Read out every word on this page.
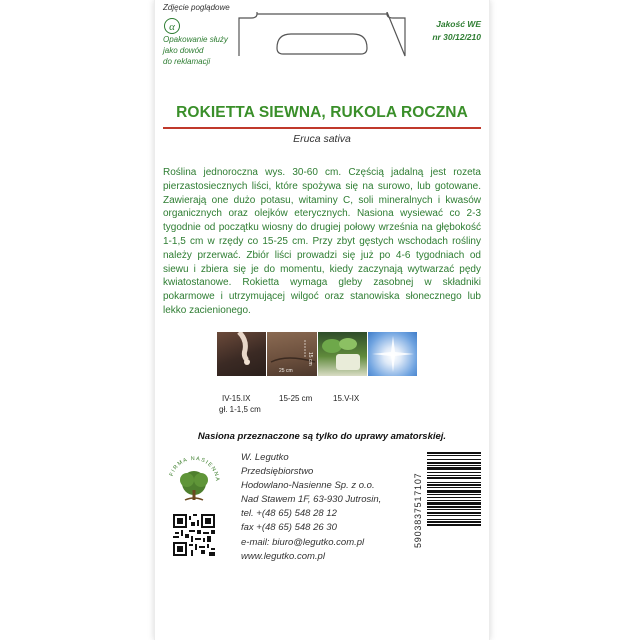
Zdjęcie poglądowe
α
Opakowanie służy
jako dowód
do reklamacji
Jakość WE
nr 30/12/210
ROKIETTA SIEWNA, RUKOLA ROCZNA
Eruca sativa
Roślina jednoroczna wys. 30-60 cm. Częścią jadalną jest rozeta pierzastosiecznych liści, które spożywa się na surowo, lub gotowane. Zawierają one dużo potasu, witaminy C, soli mineralnych i kwasów organicznych oraz olejków eterycznych. Nasiona wysiewać co 2-3 tygodnie od początku wiosny do drugiej połowy września na głębokość 1-1,5 cm w rzędy co 15-25 cm. Przy zbyt gęstych wschodach rośliny należy przerwać. Zbiór liści prowadzi się już po 4-6 tygodniach od siewu i zbiera się je do momentu, kiedy zaczynają wytwarzać pędy kwiatostanowe. Rokietta wymaga gleby zasobnej w składniki pokarmowe i utrzymującej wilgoć oraz stanowiska słonecznego lub lekko zacienionego.
25 cm
15 cm
IV-15.IX
gł. 1-1,5 cm
15-25 cm	15.V-IX
Nasiona przeznaczone są tylko do uprawy amatorskiej.
FIRMA NASIENNA
W. Legutko
Przedsiębiorstwo
Hodowlano-Nasienne Sp. z o.o.
Nad Stawem 1F, 63-930 Jutrosin,
tel. +(48 65) 548 28 12
fax +(48 65) 548 26 30
e-mail: biuro@legutko.com.pl
www.legutko.com.pl
5903837517107
